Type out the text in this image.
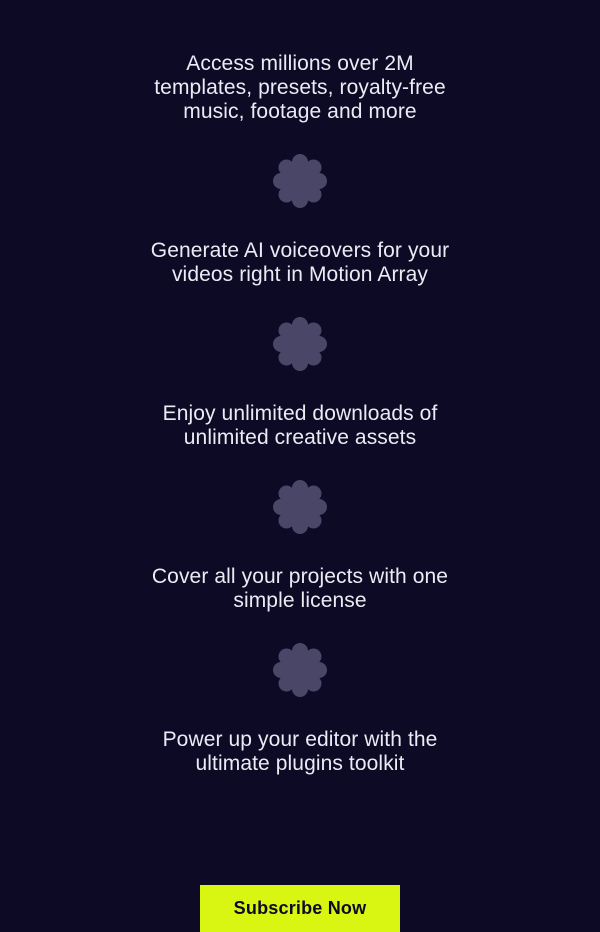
Access millions over 2M templates, presets, royalty-free music, footage and more
Generate AI voiceovers for your videos right in Motion Array
Enjoy unlimited downloads of unlimited creative assets
Cover all your projects with one simple license
Power up your editor with the ultimate plugins toolkit
Subscribe Now
